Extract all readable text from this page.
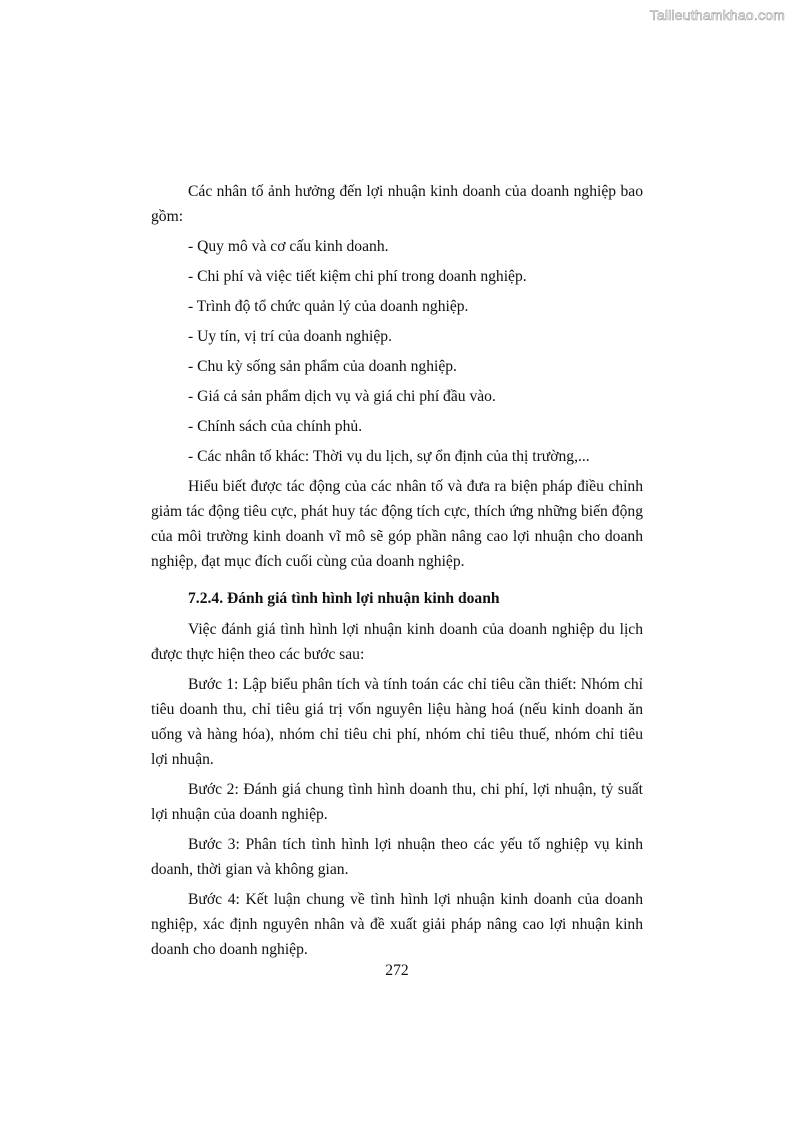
Tailieuthamkhao.com

Các nhân tố ảnh hưởng đến lợi nhuận kinh doanh của doanh nghiệp bao gồm:

- Quy mô và cơ cấu kinh doanh.

- Chi phí và việc tiết kiệm chi phí trong doanh nghiệp.

- Trình độ tổ chức quản lý của doanh nghiệp.

- Uy tín, vị trí của doanh nghiệp.

- Chu kỳ sống sản phẩm của doanh nghiệp.

- Giá cả sản phẩm dịch vụ và giá chi phí đầu vào.

- Chính sách của chính phủ.

- Các nhân tố khác: Thời vụ du lịch, sự ổn định của thị trường,...

Hiểu biết được tác động của các nhân tố và đưa ra biện pháp điều chỉnh giảm tác động tiêu cực, phát huy tác động tích cực, thích ứng những biến động của môi trường kinh doanh vĩ mô sẽ góp phần nâng cao lợi nhuận cho doanh nghiệp, đạt mục đích cuối cùng của doanh nghiệp.

7.2.4. Đánh giá tình hình lợi nhuận kinh doanh

Việc đánh giá tình hình lợi nhuận kinh doanh của doanh nghiệp du lịch được thực hiện theo các bước sau:

Bước 1: Lập biểu phân tích và tính toán các chỉ tiêu cần thiết: Nhóm chỉ tiêu doanh thu, chỉ tiêu giá trị vốn nguyên liệu hàng hoá (nếu kinh doanh ăn uống và hàng hóa), nhóm chỉ tiêu chi phí, nhóm chỉ tiêu thuế, nhóm chỉ tiêu lợi nhuận.

Bước 2: Đánh giá chung tình hình doanh thu, chi phí, lợi nhuận, tỷ suất lợi nhuận của doanh nghiệp.

Bước 3: Phân tích tình hình lợi nhuận theo các yếu tố nghiệp vụ kinh doanh, thời gian và không gian.

Bước 4: Kết luận chung về tình hình lợi nhuận kinh doanh của doanh nghiệp, xác định nguyên nhân và đề xuất giải pháp nâng cao lợi nhuận kinh doanh cho doanh nghiệp.

272
